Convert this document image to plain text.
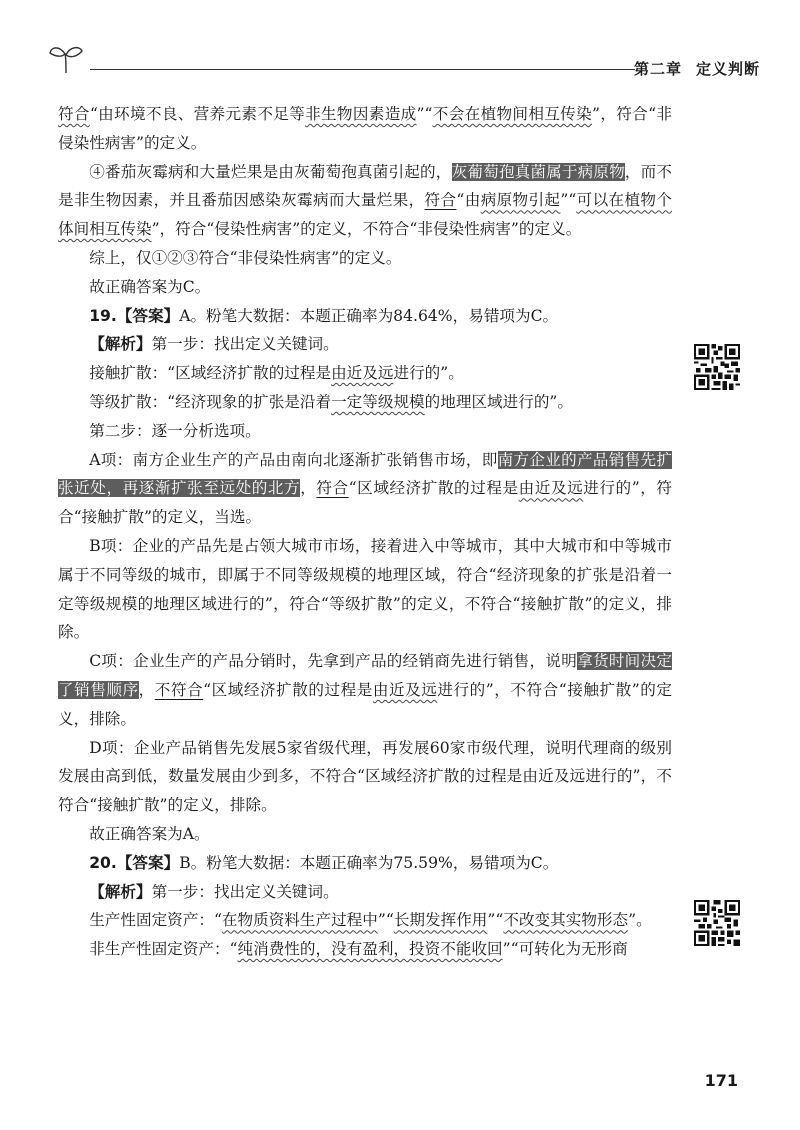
第二章 定义判断

符合“由环境不良、营养元素不足等非生物因素造成”“不会在植物间相互传染”，符合“非侵染性病害”的定义。

④番茄灰霉病和大量烂果是由灰葡萄孢真菌引起的，灰葡萄孢真菌属于病原物，而不是非生物因素，并且番茄因感染灰霉病而大量烂果，符合“由病原物引起”“可以在植物个体间相互传染”，符合“侵染性病害”的定义，不符合“非侵染性病害”的定义。

综上，仅①②③符合“非侵染性病害”的定义。

故正确答案为C。

19.【答案】A。粉笔大数据：本题正确率为84.64%，易错项为C。

【解析】第一步：找出定义关键词。

接触扩散：“区域经济扩散的过程是由近及远进行的”。

等级扩散：“经济现象的扩张是沿着一定等级规模的地理区域进行的”。

第二步：逐一分析选项。

A项：南方企业生产的产品由南向北逐渐扩张销售市场，即南方企业的产品销售先扩张近处，再逐渐扩张至远处的北方，符合“区域经济扩散的过程是由近及远进行的”，符合“接触扩散”的定义，当选。

B项：企业的产品先是占领大城市市场，接着进入中等城市，其中大城市和中等城市属于不同等级的城市，即属于不同等级规模的地理区域，符合“经济现象的扩张是沿着一定等级规模的地理区域进行的”，符合“等级扩散”的定义，不符合“接触扩散”的定义，排除。

C项：企业生产的产品分销时，先拿到产品的经销商先进行销售，说明拿货时间决定了销售顺序，不符合“区域经济扩散的过程是由近及远进行的”，不符合“接触扩散”的定义，排除。

D项：企业产品销售先发展5家省级代理，再发展60家市级代理，说明代理商的级别发展由高到低，数量发展由少到多，不符合“区域经济扩散的过程是由近及远进行的”，不符合“接触扩散”的定义，排除。

故正确答案为A。

20.【答案】B。粉笔大数据：本题正确率为75.59%，易错项为C。

【解析】第一步：找出定义关键词。

生产性固定资产：“在物质资料生产过程中”“长期发挥作用”“不改变其实物形态”。

非生产性固定资产：“纯消费性的，没有盈利，投资不能收回”“可转化为无形商

171
